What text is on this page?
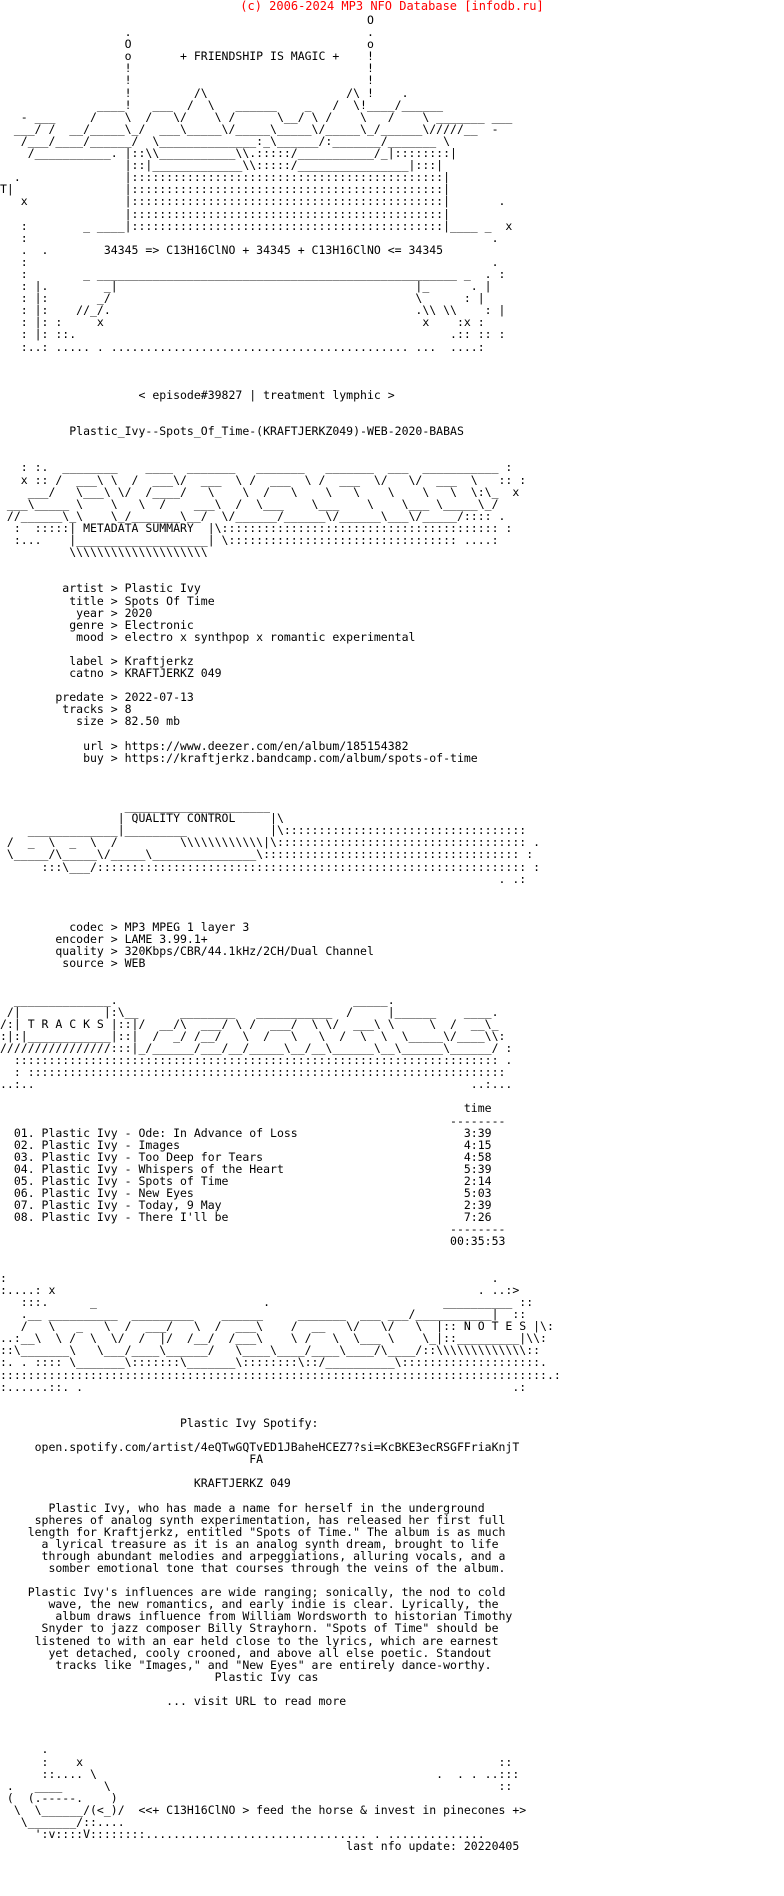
(c) 2006-2024 MP3 NFO Database [infodb.ru]
O
.                                  .
O                                  o
o       + FRIENDSHIP IS MAGIC +    !
!                                  !
!                                  !
!         /\                    /\ !    .
____!   ___  /  \   ______    _   /  \!____/______
- ___     /    \  /   \/    \ /      \__/ \ /    \   /    \ _______ ___
___/ /  __/_____\_/  ___\_____\/_____\_____\/_____\_/______\/////__  -
/___/____/______/  \______________:_\______/:_______/_______ \
/___________. |::\\___________\\.:::::/___________/_|::::::::|
|::|_____________\\:::::/________________|:::|
.               |:::::::::::::::::::::::::::::::::::::::::::::|
T|                |:::::::::::::::::::::::::::::::::::::::::::::|
x              |:::::::::::::::::::::::::::::::::::::::::::::|       .
|:::::::::::::::::::::::::::::::::::::::::::::|
:        _ ____|:::::::::::::::::::::::::::::::::::::::::::::|____ _  x
:                                                                   .
.  .        34345 => C13H16ClNO + 34345 + C13H16ClNO <= 34345
:                                                                   .
:        _ ____________________________________________________ _  . :
: |.        _|                                           |_      . |
: |:       _/                                            \      : |
: |:    //_/.                                            .\\ \\    : |
: |: :     x                                              x    :x :
: |: ::.                                                      .:: :: :
:..: ..... . ........................................... ...  ....:

< episode#39827 | treatment lymphic >

Plastic_Ivy--Spots_Of_Time-(KRAFTJERKZ049)-WEB-2020-BABAS

: :.  ________    ____  _______   _______   _______  ___  ___________ :
x :: /  ___\ \  /  ___\/  ___  \ /  ___  \ /  ___  \/   \/  ___  \   :: :
___/   \___\ \/  /____/   \    \  /   \    \   \    \    \   \  \:\_  x
___\_____ \    \   \  /    ___\  /  \___    \___    \    \___ \_____\_/
//______\_\    \_/_______\__/  \/______/______\/______\___\/_____/:::: .
:  :::::| METADATA SUMMARY  |\:::::::::::::::::::::::::::::::::::::::: :
:...    |___________________| \::::::::::::::::::::::::::::::::: ....:
\\\\\\\\\\\\\\\\\\\\

artist > Plastic Ivy
title > Spots Of Time
year > 2020
genre > Electronic
mood > electro x synthpop x romantic experimental

label > Kraftjerkz
catno > KRAFTJERKZ 049

predate > 2022-07-13
tracks > 8
size > 82.50 mb

url > https://www.deezer.com/en/album/185154382
buy > https://kraftjerkz.bandcamp.com/album/spots-of-time

_____________________
| QUALITY CONTROL     |\
_____________|_________            |\:::::::::::::::::::::::::::::::::::
/  _  \  _  \  /         \\\\\\\\\\\\|\:::::::::::::::::::::::::::::::::::: .
\_____/\_____\/_____\_______________\::::::::::::::::::::::::::::::::::::: :
:::\___/:::::::::::::::::::::::::::::::::::::::::::::::::::::::::::::: :
. .:

codec > MP3 MPEG 1 layer 3
encoder > LAME 3.99.1+
quality > 320Kbps/CBR/44.1kHz/2CH/Dual Channel
source > WEB

______________.                                  _____.
/|            |:\__      ________   ___________  /     |______    ____.
/:| T R A C K S |::|/  __/\  ___/ \ /  ___/  \ \/  ___\ \     \  /  __\_
:|:|____________|::|  /  _/ /__/   \  /   \   \  /  \  \  \_____\/____\\:
////////////////:::|_/______/___/__/_____\__/__\______\__\______\______/ :
:::::::::::::::::::::::::::::::::::::::::::::::::::::::::::::::::::::: .
: :::::::::::::::::::::::::::::::::::::::::::::::::::::::::::::::::::::
..:..                                                               ..:...

time
--------
01. Plastic Ivy - Ode: In Advance of Loss                        3:39
02. Plastic Ivy - Images                                         4:15
03. Plastic Ivy - Too Deep for Tears                             4:58
04. Plastic Ivy - Whispers of the Heart                          5:39
05. Plastic Ivy - Spots of Time                                  2:14
06. Plastic Ivy - New Eyes                                       5:03
07. Plastic Ivy - Today, 9 May                                   2:39
08. Plastic Ivy - There I'll be                                  7:26
--------
00:35:53

:                                                                      .
:....: x                                                             . ..:>
:::.      _                        .                         __________ ::
.__ __________  _________    ______     _______  ___ ___/___________|  ::
/   \   _   \  /  ___/   \  /  ___\    /  __   \/   \/   \  |:: N O T E S |\:
..:__\  \ /  \  \/  /  |/  /__/  /___\    \ /   \  \___ \    \_|::_________|\\:
::\_______\   \___/____\______/   \____\____/____\____/\____/::\\\\\\\\\\\\\::
:. . :::: \_______\:::::::\_______\::::::::\::/__________\::::::::::::::::::::.
:::::::::::::::::::::::::::::::::::::::::::::::::::::::::::::::::::::::::::::::.:
:......::. .                                                              .:

Plastic Ivy Spotify:

open.spotify.com/artist/4eQTwGQTvED1JBaheHCEZ7?si=KcBKE3ecRSGFFriaKnjT
FA

KRAFTJERKZ 049

Plastic Ivy, who has made a name for herself in the underground
spheres of analog synth experimentation, has released her first full
length for Kraftjerkz, entitled "Spots of Time." The album is as much
a lyrical treasure as it is an analog synth dream, brought to life
through abundant melodies and arpeggiations, alluring vocals, and a
somber emotional tone that courses through the veins of the album.

Plastic Ivy's influences are wide ranging; sonically, the nod to cold
wave, the new romantics, and early indie is clear. Lyrically, the
album draws influence from William Wordsworth to historian Timothy
Snyder to jazz composer Billy Strayhorn. "Spots of Time" should be
listened to with an ear held close to the lyrics, which are earnest
yet detached, cooly crooned, and above all else poetic. Standout
tracks like "Images," and "New Eyes" are entirely dance-worthy.
Plastic Ivy cas

... visit URL to read more

.
:    x                                                            ::
::.... \                                                 .  . . ..:::
.   ____      \                                                        ::
(  (.-----.    )
\  \______/(<_)/  <<+ C13H16ClNO > feed the horse & invest in pinecones +>
\_______/::....
':v::::V::::::::................................ . ..............
last nfo update: 20220405
